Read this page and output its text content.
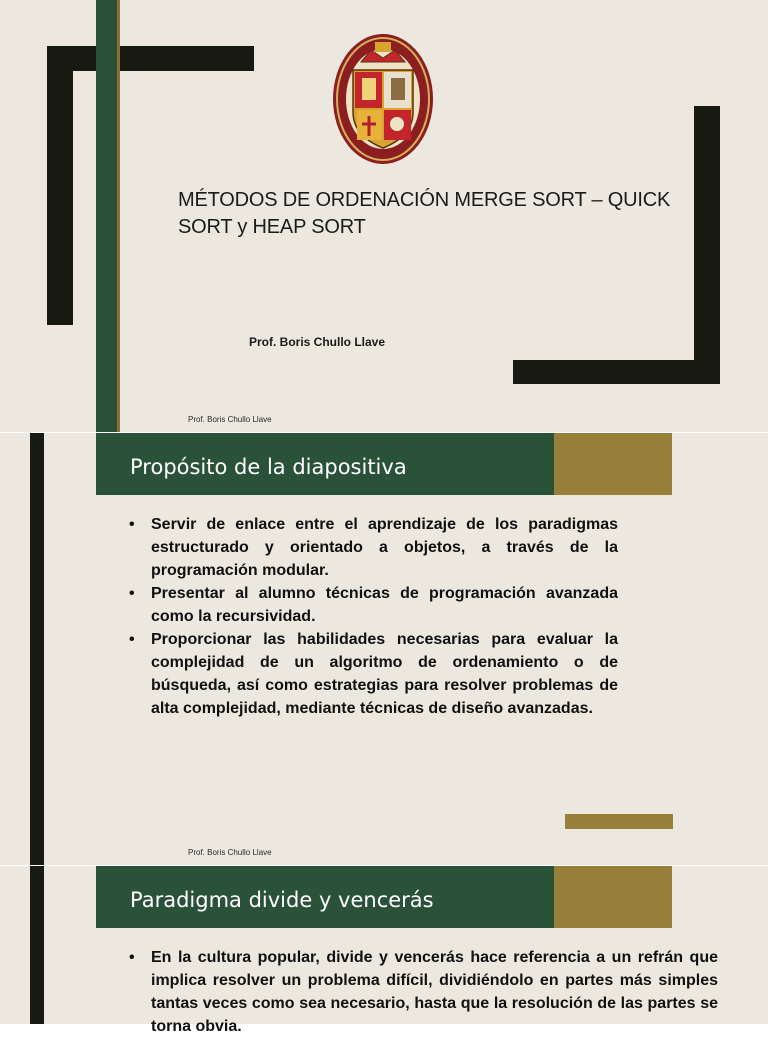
MÉTODOS DE ORDENACIÓN MERGE SORT – QUICK SORT y HEAP SORT
Prof. Boris Chullo Llave
Prof. Boris Chullo Llave
Propósito de la diapositiva
• Servir de enlace entre el aprendizaje de los paradigmas estructurado y orientado a objetos, a través de la programación modular.
• Presentar al alumno técnicas de programación avanzada como la recursividad.
• Proporcionar las habilidades necesarias para evaluar la complejidad de un algoritmo de ordenamiento o de búsqueda, así como estrategias para resolver problemas de alta complejidad, mediante técnicas de diseño avanzadas.
Prof. Boris Chullo Llave
Paradigma divide y vencerás
• En la cultura popular, divide y vencerás hace referencia a un refrán que implica resolver un problema difícil, dividiéndolo en partes más simples tantas veces como sea necesario, hasta que la resolución de las partes se torna obvia.
